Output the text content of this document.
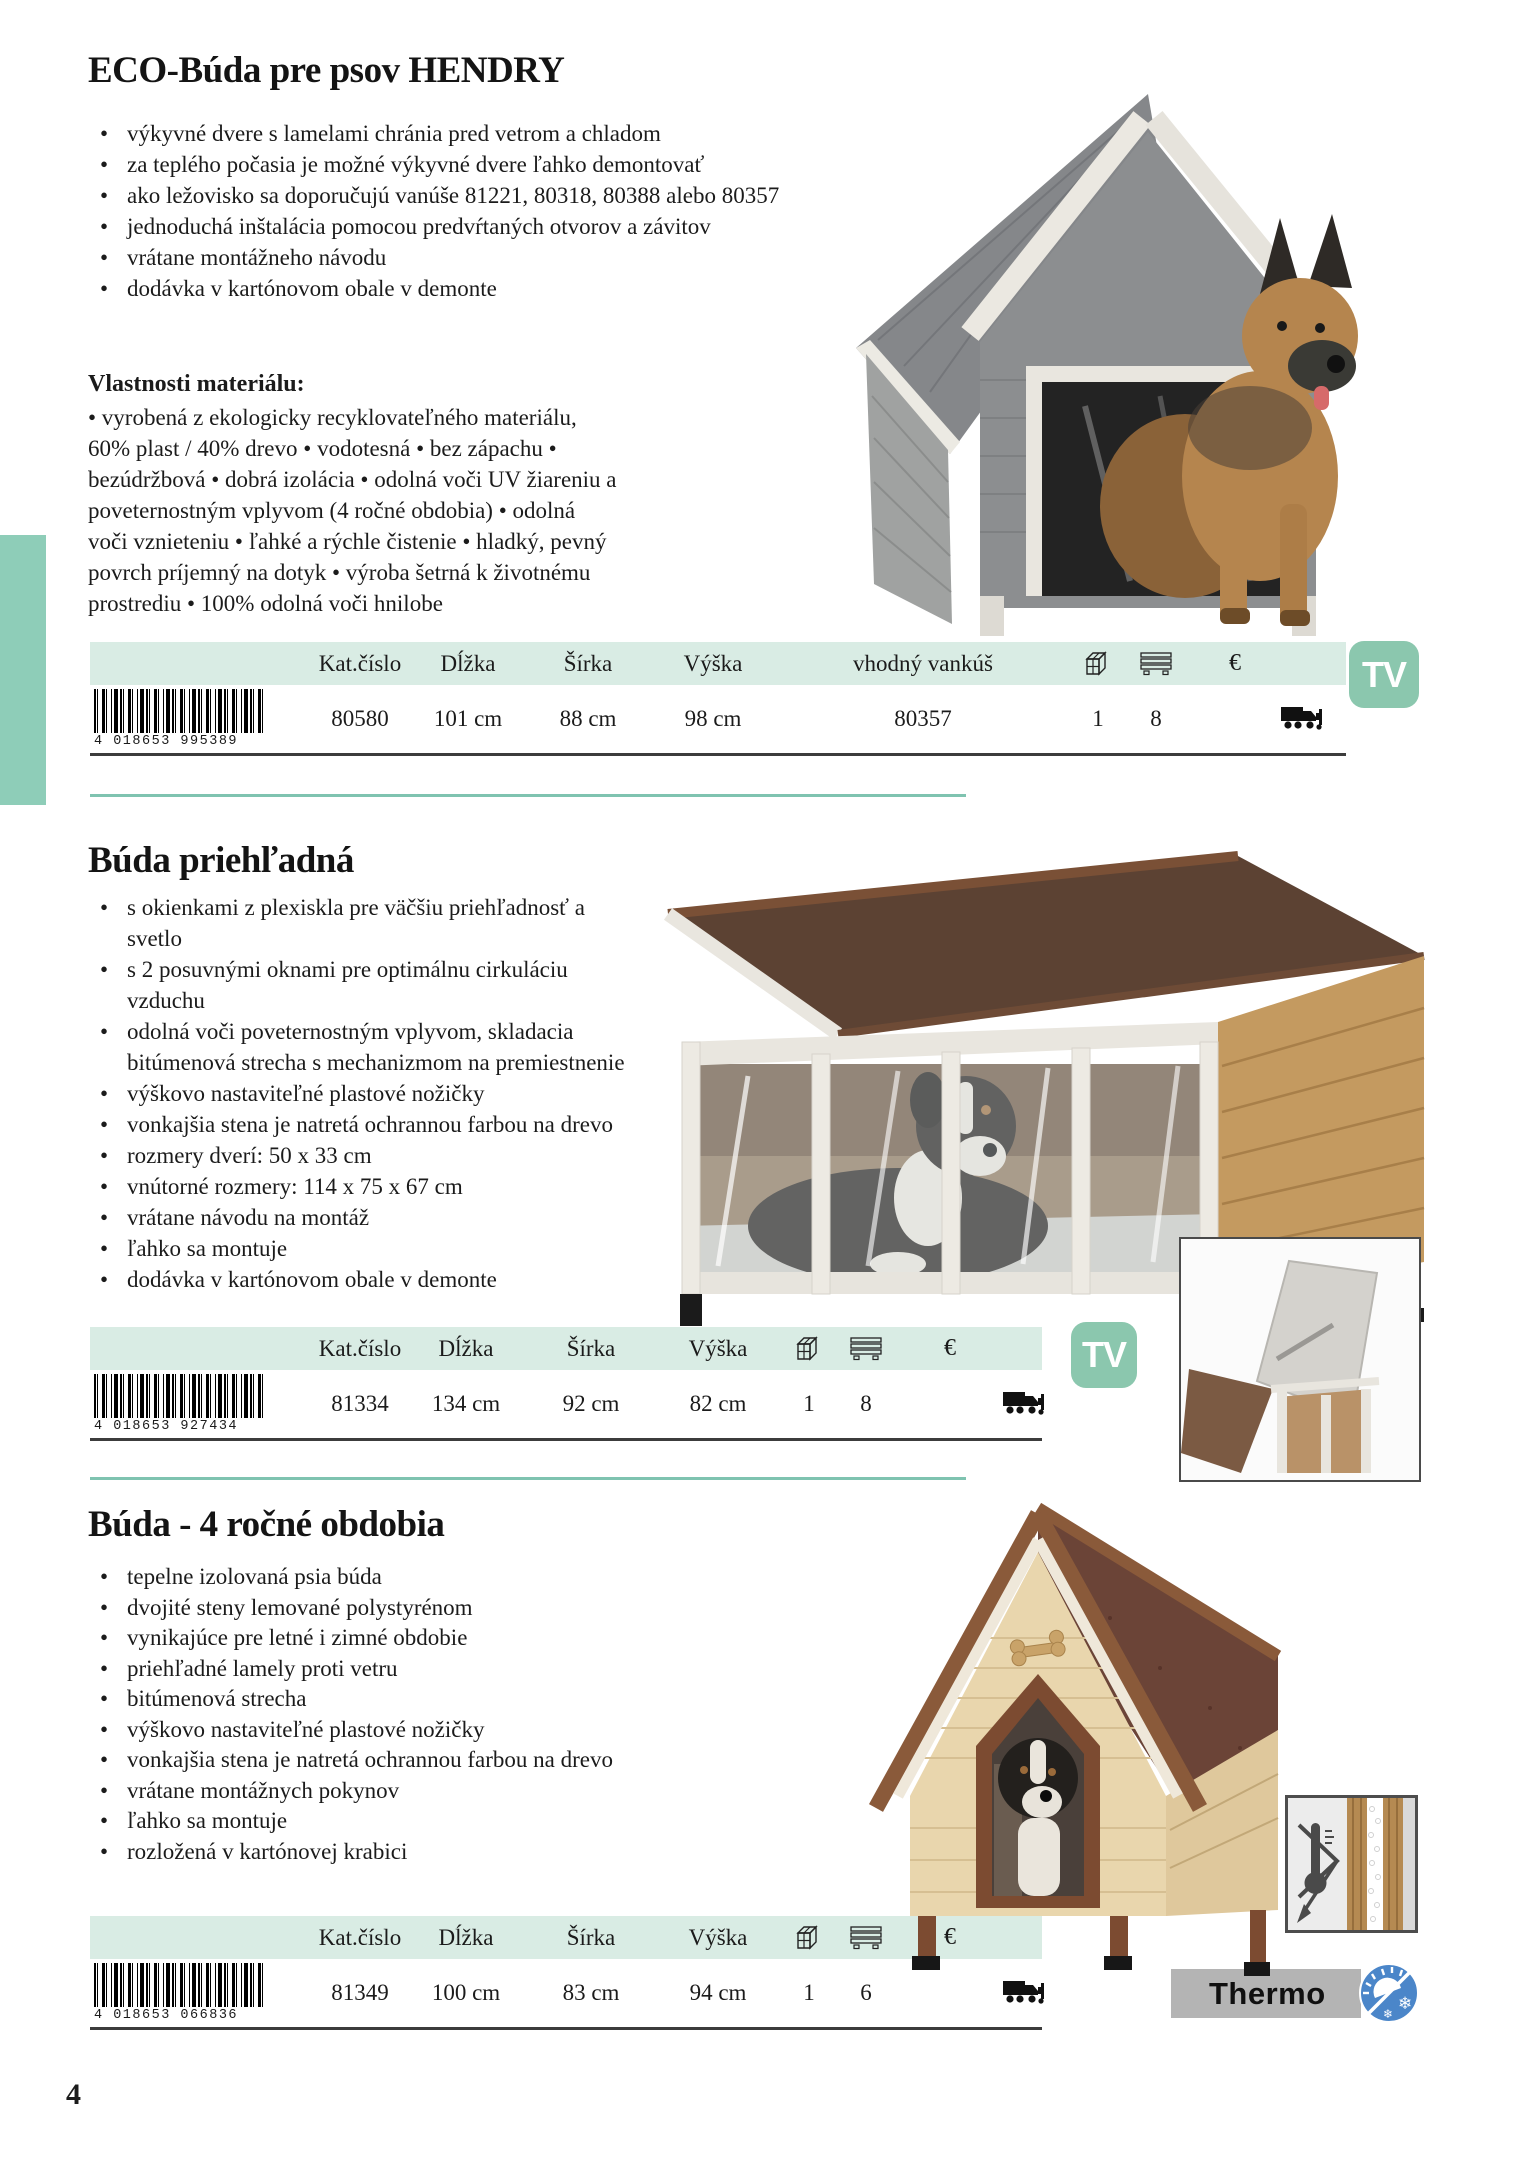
ECO-Búda pre psov HENDRY
• výkyvné dvere s lamelami chránia pred vetrom a chladom
• za teplého počasia je možné výkyvné dvere ľahko demontovať
• ako ležovisko sa doporučujú vanúše 81221, 80318, 80388 alebo 80357
• jednoduchá inštalácia pomocou predvŕtaných otvorov a závitov
• vrátane montážneho návodu
• dodávka v kartónovom obale v demonte
Vlastnosti materiálu:
• vyrobená z ekologicky recyklovateľného materiálu, 60% plast / 40% drevo • vodotesná • bez zápachu • bezúdržbová • dobrá izolácia • odolná voči UV žiareniu a poveternostným vplyvom (4 ročné obdobia) • odolná voči vznieteniu • ľahké a rýchle čistenie • hladký, pevný povrch príjemný na dotyk • výroba šetrná k životnému prostrediu • 100% odolná voči hnilobe
Kat.číslo Dĺžka	Šírka	Výška	vhodný vankúš	€
4 018653 995389
80580 101 cm 88 cm	98 cm	80357	1 8
TV
Búda priehľadná
• s okienkami z plexiskla pre väčšiu priehľadnosť a svetlo
• s 2 posuvnými oknami pre optimálnu cirkuláciu vzduchu
• odolná voči poveternostným vplyvom, skladacia bitúmenová strecha s mechanizmom na premiestnenie
• výškovo nastaviteľné plastové nožičky
• vonkajšia stena je natretá ochrannou farbou na drevo
• rozmery dverí: 50 x 33 cm
• vnútorné rozmery: 114 x 75 x 67 cm
• vrátane návodu na montáž
• ľahko sa montuje
• dodávka v kartónovom obale v demonte
Kat.číslo Dĺžka	Šírka	Výška	€
4 018653 927434
81334 134 cm	92 cm	82 cm 1 8
TV
Búda - 4 ročné obdobia
• tepelne izolovaná psia búda
• dvojité steny lemované polystyrénom
• vynikajúce pre letné i zimné obdobie
• priehľadné lamely proti vetru
• bitúmenová strecha
• výškovo nastaviteľné plastové nožičky
• vonkajšia stena je natretá ochrannou farbou na drevo
• vrátane montážnych pokynov
• ľahko sa montuje
• rozložená v kartónovej krabici
Kat.číslo Dĺžka	Šírka	Výška	€
4 018653 066836
81349 100 cm	83 cm	94 cm 1 6	Thermo	❄
❄
4
